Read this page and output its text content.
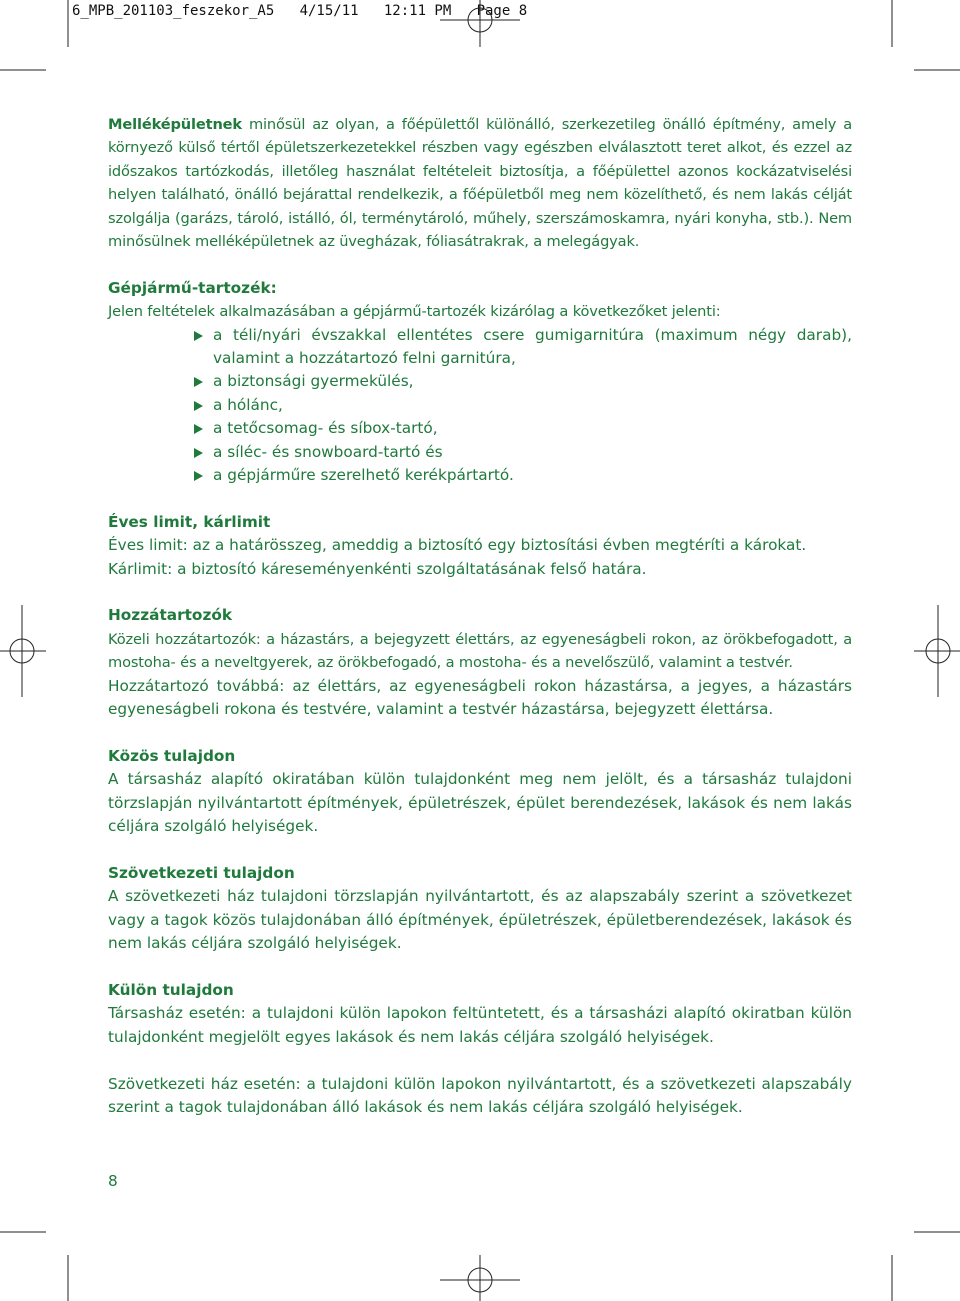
6_MPB_201103_feszekor_A5   4/15/11   12:11 PM   Page 8

Melléképületnek minősül az olyan, a főépülettől különálló, szerkezetileg önálló építmény, amely a környező külső tértől épületszerkezetekkel részben vagy egészben elválasztott teret alkot, és ezzel az időszakos tartózkodás, illetőleg használat feltételeit biztosítja, a főépülettel azonos kockázatviselési helyen található, önálló bejárattal rendelkezik, a főépületből meg nem közelíthető, és nem lakás célját szolgálja (garázs, tároló, istálló, ól, terménytároló, műhely, szerszámoskamra, nyári konyha, stb.). Nem minősülnek melléképületnek az üvegházak, fóliasátrakrak, a melegágyak.

Gépjármű-tartozék:

Jelen feltételek alkalmazásában a gépjármű-tartozék kizárólag a következőket jelenti:

a téli/nyári évszakkal ellentétes csere gumigarnitúra (maximum négy darab), valamint a hozzátartozó felni garnitúra,
a biztonsági gyermekülés,
a hólánc,
a tetőcsomag- és síbox-tartó,
a síléc- és snowboard-tartó és
a gépjárműre szerelhető kerékpártartó.
Éves limit, kárlimit

Éves limit: az a határösszeg, ameddig a biztosító egy biztosítási évben megtéríti a károkat.

Kárlimit: a biztosító káreseményenkénti szolgáltatásának felső határa.

Hozzátartozók

Közeli hozzátartozók: a házastárs, a bejegyzett élettárs, az egyeneságbeli rokon, az örökbefogadott, a mostoha- és a neveltgyerek, az örökbefogadó, a mostoha- és a nevelőszülő, valamint a testvér.

Hozzátartozó továbbá: az élettárs, az egyeneságbeli rokon házastársa, a jegyes, a házastárs egyeneságbeli rokona és testvére, valamint a testvér házastársa, bejegyzett élettársa.

Közös tulajdon

A társasház alapító okiratában külön tulajdonként meg nem jelölt, és a társasház tulajdoni törzslapján nyilvántartott építmények, épületrészek, épület berendezések, lakások és nem lakás céljára szolgáló helyiségek.

Szövetkezeti tulajdon

A szövetkezeti ház tulajdoni törzslapján nyilvántartott, és az alapszabály szerint a szövetkezet vagy a tagok közös tulajdonában álló építmények, épületrészek, épületberendezések, lakások és nem lakás céljára szolgáló helyiségek.

Külön tulajdon

Társasház esetén: a tulajdoni külön lapokon feltüntetett, és a társasházi alapító okiratban külön tulajdonként megjelölt egyes lakások és nem lakás céljára szolgáló helyiségek.

Szövetkezeti ház esetén: a tulajdoni külön lapokon nyilvántartott, és a szövetkezeti alapszabály szerint a tagok tulajdonában álló lakások és nem lakás céljára szolgáló helyiségek.

8
